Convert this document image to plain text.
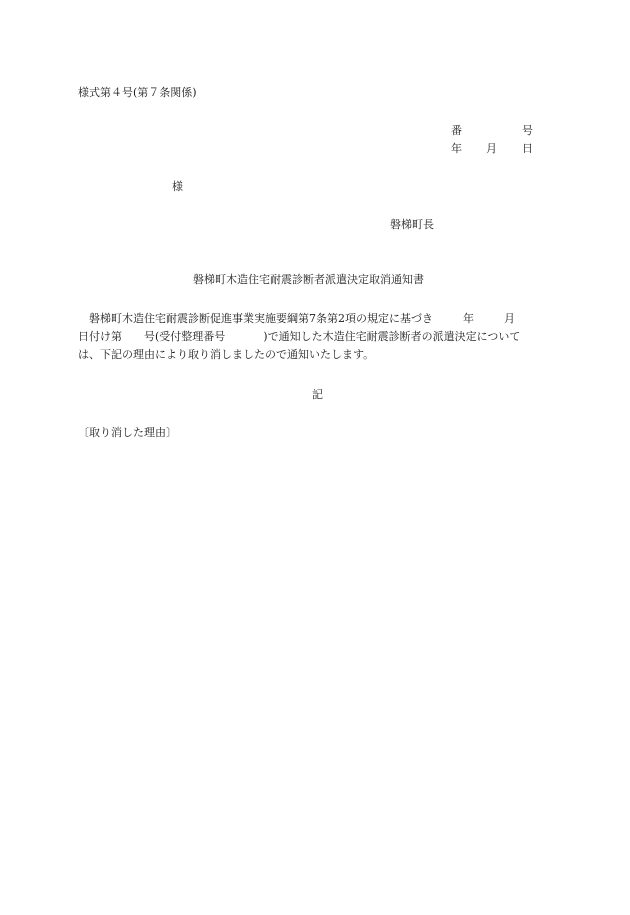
様式第４号(第７条関係)
番	号
年 月 日
様
磐梯町長
磐梯町木造住宅耐震診断者派遣決定取消通知書
磐梯町木造住宅耐震診断促進事業実施要綱第7条第2項の規定に基づき	年	月
日付け第 号(受付整理番号	)で通知した木造住宅耐震診断者の派遣決定について
は、下記の理由により取り消しましたので通知いたします。
記
〔取り消した理由〕
